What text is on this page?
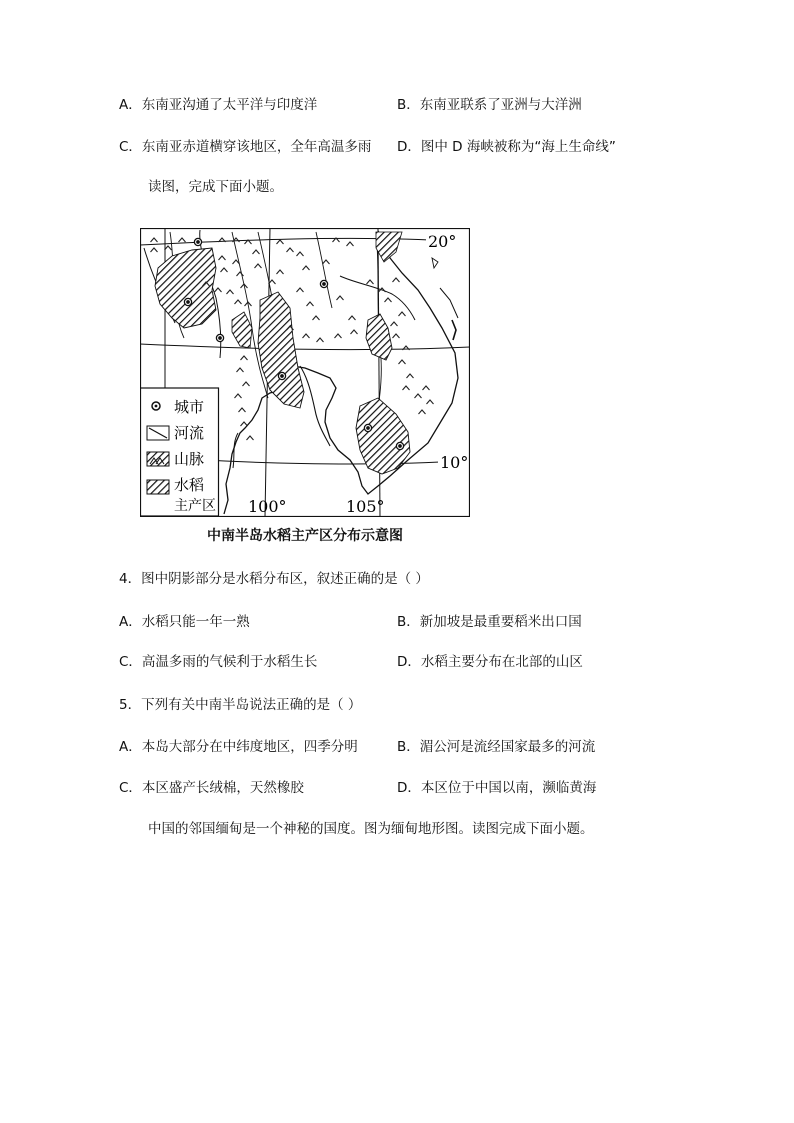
A．东南亚沟通了太平洋与印度洋	B．东南亚联系了亚洲与大洋洲
C．东南亚赤道横穿该地区，全年高温多雨 D．图中 D 海峡被称为“海上生命线”
读图，完成下面小题。
20°
10°
100°	105°
城市
河流
山脉
水稻
主产区
中南半岛水稻主产区分布示意图
4．图中阴影部分是水稻分布区，叙述正确的是（ ）
A．水稻只能一年一熟	B．新加坡是最重要稻米出口国
C．高温多雨的气候利于水稻生长	D．水稻主要分布在北部的山区
5．下列有关中南半岛说法正确的是（ ）
A．本岛大部分在中纬度地区，四季分明	B．湄公河是流经国家最多的河流
C．本区盛产长绒棉，天然橡胶	D．本区位于中国以南，濒临黄海
中国的邻国缅甸是一个神秘的国度。图为缅甸地形图。读图完成下面小题。
